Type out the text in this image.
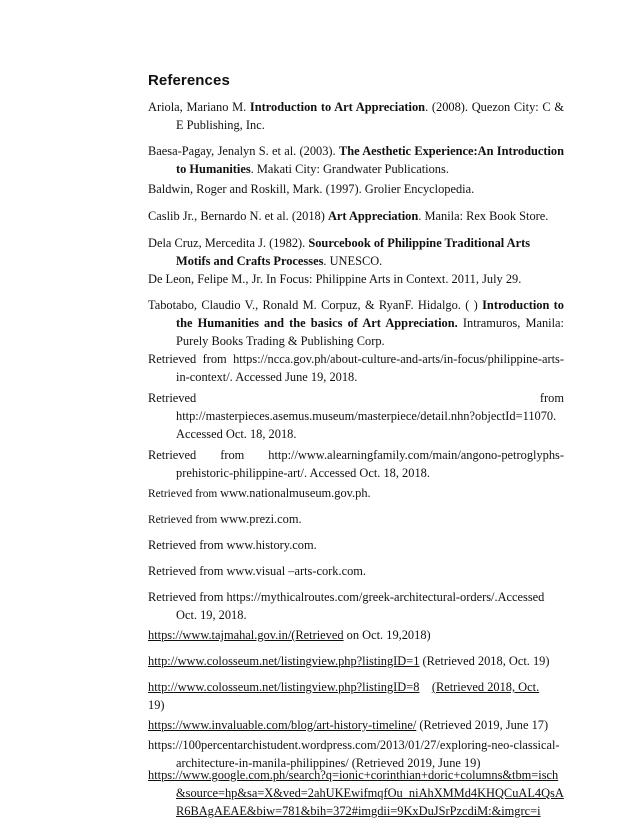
References
Ariola, Mariano M. Introduction to Art Appreciation. (2008). Quezon City: C & E Publishing, Inc.
Baesa-Pagay, Jenalyn S. et al. (2003). The Aesthetic Experience:An Introduction to Humanities. Makati City: Grandwater Publications.
Baldwin, Roger and Roskill, Mark. (1997). Grolier Encyclopedia.
Caslib Jr., Bernardo N. et al. (2018) Art Appreciation. Manila: Rex Book Store.
Dela Cruz, Mercedita J. (1982). Sourcebook of Philippine Traditional Arts Motifs and Crafts Processes. UNESCO.
De Leon, Felipe M., Jr. In Focus: Philippine Arts in Context. 2011, July 29.
Tabotabo, Claudio V., Ronald M. Corpuz, & RyanF. Hidalgo. ( ) Introduction to the Humanities and the basics of Art Appreciation. Intramuros, Manila: Purely Books Trading & Publishing Corp.
Retrieved from https://ncca.gov.ph/about-culture-and-arts/in-focus/philippine-arts-in-context/. Accessed June 19, 2018.
Retrieved	from
http://masterpieces.asemus.museum/masterpiece/detail.nhn?objectId=11070. Accessed Oct. 18, 2018.
Retrieved    from    http://www.alearningfamily.com/main/angono-petroglyphs-prehistoric-philippine-art/. Accessed Oct. 18, 2018.
Retrieved from www.nationalmuseum.gov.ph.
Retrieved from www.prezi.com.
Retrieved from www.history.com.
Retrieved from www.visual –arts-cork.com.
Retrieved from https://mythicalroutes.com/greek-architectural-orders/.Accessed Oct. 19, 2018.
https://www.tajmahal.gov.in/(Retrieved on Oct. 19,2018)
http://www.colosseum.net/listingview.php?listingID=1 (Retrieved 2018, Oct. 19)
http://www.colosseum.net/listingview.php?listingID=8 (Retrieved 2018, Oct.
19)
https://www.invaluable.com/blog/art-history-timeline/ (Retrieved 2019, June 17)
https://100percentarchistudent.wordpress.com/2013/01/27/exploring-neo-classical-architecture-in-manila-philippines/ (Retrieved 2019, June 19)
https://www.google.com.ph/search?q=ionic+corinthian+doric+columns&tbm=isch&source=hp&sa=X&ved=2ahUKEwifmqfOu_niAhXMMd4KHQCuAL4QsAR6BAgAEAE&biw=781&bih=372#imgdii=9KxDuJSrPzcdiM:&imgrc=i
